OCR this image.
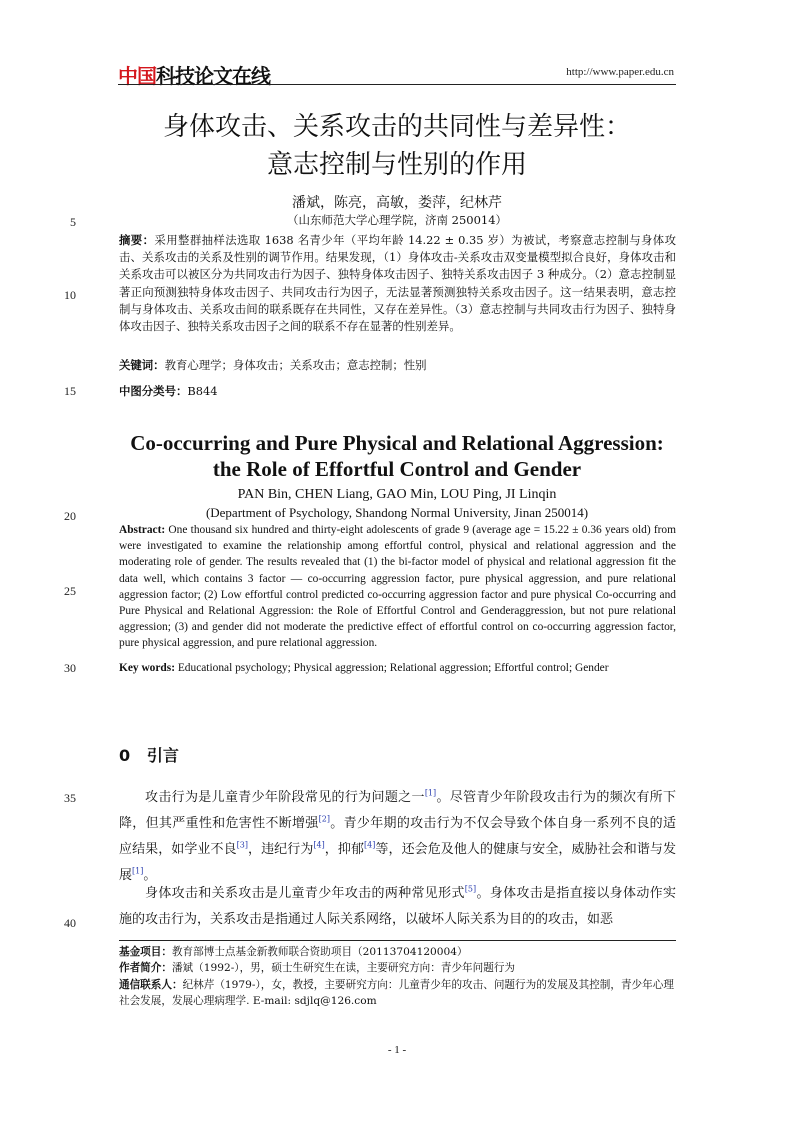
中国科技论文在线	http://www.paper.edu.cn
身体攻击、关系攻击的共同性与差异性：
意志控制与性别的作用
潘斌，陈亮，高敏，娄萍，纪林芹
（山东师范大学心理学院，济南 250014）
5
10
15
20
25
30
35
40
摘要：采用整群抽样法选取 1638 名青少年（平均年龄 14.22 ± 0.35 岁）为被试，考察意志控制与身体攻击、关系攻击的关系及性别的调节作用。结果发现，（1）身体攻击-关系攻击双变量模型拟合良好，身体攻击和关系攻击可以被区分为共同攻击行为因子、独特身体攻击因子、独特关系攻击因子 3 种成分。（2）意志控制显著正向预测独特身体攻击因子、共同攻击行为因子，无法显著预测独特关系攻击因子。这一结果表明，意志控制与身体攻击、关系攻击间的联系既存在共同性，又存在差异性。（3）意志控制与共同攻击行为因子、独特身体攻击因子、独特关系攻击因子之间的联系不存在显著的性别差异。
关键词：教育心理学；身体攻击；关系攻击；意志控制；性别
中图分类号：B844
Co-occurring and Pure Physical and Relational Aggression:
the Role of Effortful Control and Gender
PAN Bin, CHEN Liang, GAO Min, LOU Ping, JI Linqin
(Department of Psychology, Shandong Normal University, Jinan 250014)
Abstract: One thousand six hundred and thirty-eight adolescents of grade 9 (average age = 15.22 ± 0.36 years old) from were investigated to examine the relationship among effortful control, physical and relational aggression and the moderating role of gender. The results revealed that (1) the bi-factor model of physical and relational aggression fit the data well, which contains 3 factor — co-occurring aggression factor, pure physical aggression, and pure relational aggression factor; (2) Low effortful control predicted co-occurring aggression factor and pure physical Co-occurring and Pure Physical and Relational Aggression: the Role of Effortful Control and Genderaggression, but not pure relational aggression; (3) and gender did not moderate the predictive effect of effortful control on co-occurring aggression factor, pure physical aggression, and pure relational aggression.
Key words: Educational psychology; Physical aggression; Relational aggression; Effortful control; Gender
0 引言
攻击行为是儿童青少年阶段常见的行为问题之一[1]。尽管青少年阶段攻击行为的频次有所下降，但其严重性和危害性不断增强[2]。青少年期的攻击行为不仅会导致个体自身一系列不良的适应结果，如学业不良[3]，违纪行为[4]，抑郁[4]等，还会危及他人的健康与安全，威胁社会和谐与发展[1]。
身体攻击和关系攻击是儿童青少年攻击的两种常见形式[5]。身体攻击是指直接以身体动作实施的攻击行为，关系攻击是指通过人际关系网络，以破坏人际关系为目的的攻击，如恶
基金项目：教育部博士点基金新教师联合资助项目（20113704120004）
作者简介：潘斌（1992-），男，硕士生研究生在读，主要研究方向：青少年问题行为
通信联系人：纪林芹（1979-），女，教授，主要研究方向：儿童青少年的攻击、问题行为的发展及其控制，青少年心理社会发展，发展心理病理学. E-mail: sdjlq@126.com
- 1 -
